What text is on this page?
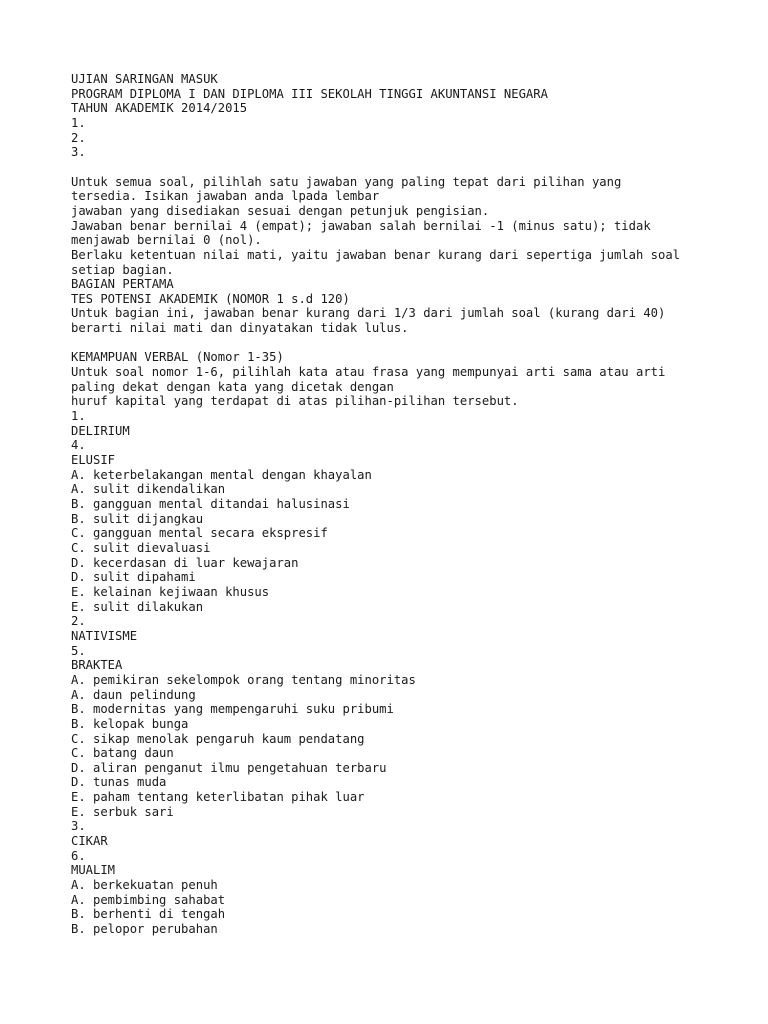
UJIAN SARINGAN MASUK
PROGRAM DIPLOMA I DAN DIPLOMA III SEKOLAH TINGGI AKUNTANSI NEGARA
TAHUN AKADEMIK 2014/2015
1.
2.
3.
Untuk semua soal, pilihlah satu jawaban yang paling tepat dari pilihan yang
tersedia. Isikan jawaban anda lpada lembar
jawaban yang disediakan sesuai dengan petunjuk pengisian.
Jawaban benar bernilai 4 (empat); jawaban salah bernilai -1 (minus satu); tidak
menjawab bernilai 0 (nol).
Berlaku ketentuan nilai mati, yaitu jawaban benar kurang dari sepertiga jumlah soal
setiap bagian.
BAGIAN PERTAMA
TES POTENSI AKADEMIK (NOMOR 1 s.d 120)
Untuk bagian ini, jawaban benar kurang dari 1/3 dari jumlah soal (kurang dari 40)
berarti nilai mati dan dinyatakan tidak lulus.
KEMAMPUAN VERBAL (Nomor 1-35)
Untuk soal nomor 1-6, pilihlah kata atau frasa yang mempunyai arti sama atau arti
paling dekat dengan kata yang dicetak dengan
huruf kapital yang terdapat di atas pilihan-pilihan tersebut.
1.
DELIRIUM
4.
ELUSIF
A. keterbelakangan mental dengan khayalan
A. sulit dikendalikan
B. gangguan mental ditandai halusinasi
B. sulit dijangkau
C. gangguan mental secara ekspresif
C. sulit dievaluasi
D. kecerdasan di luar kewajaran
D. sulit dipahami
E. kelainan kejiwaan khusus
E. sulit dilakukan
2.
NATIVISME
5.
BRAKTEA
A. pemikiran sekelompok orang tentang minoritas
A. daun pelindung
B. modernitas yang mempengaruhi suku pribumi
B. kelopak bunga
C. sikap menolak pengaruh kaum pendatang
C. batang daun
D. aliran penganut ilmu pengetahuan terbaru
D. tunas muda
E. paham tentang keterlibatan pihak luar
E. serbuk sari
3.
CIKAR
6.
MUALIM
A. berkekuatan penuh
A. pembimbing sahabat
B. berhenti di tengah
B. pelopor perubahan
